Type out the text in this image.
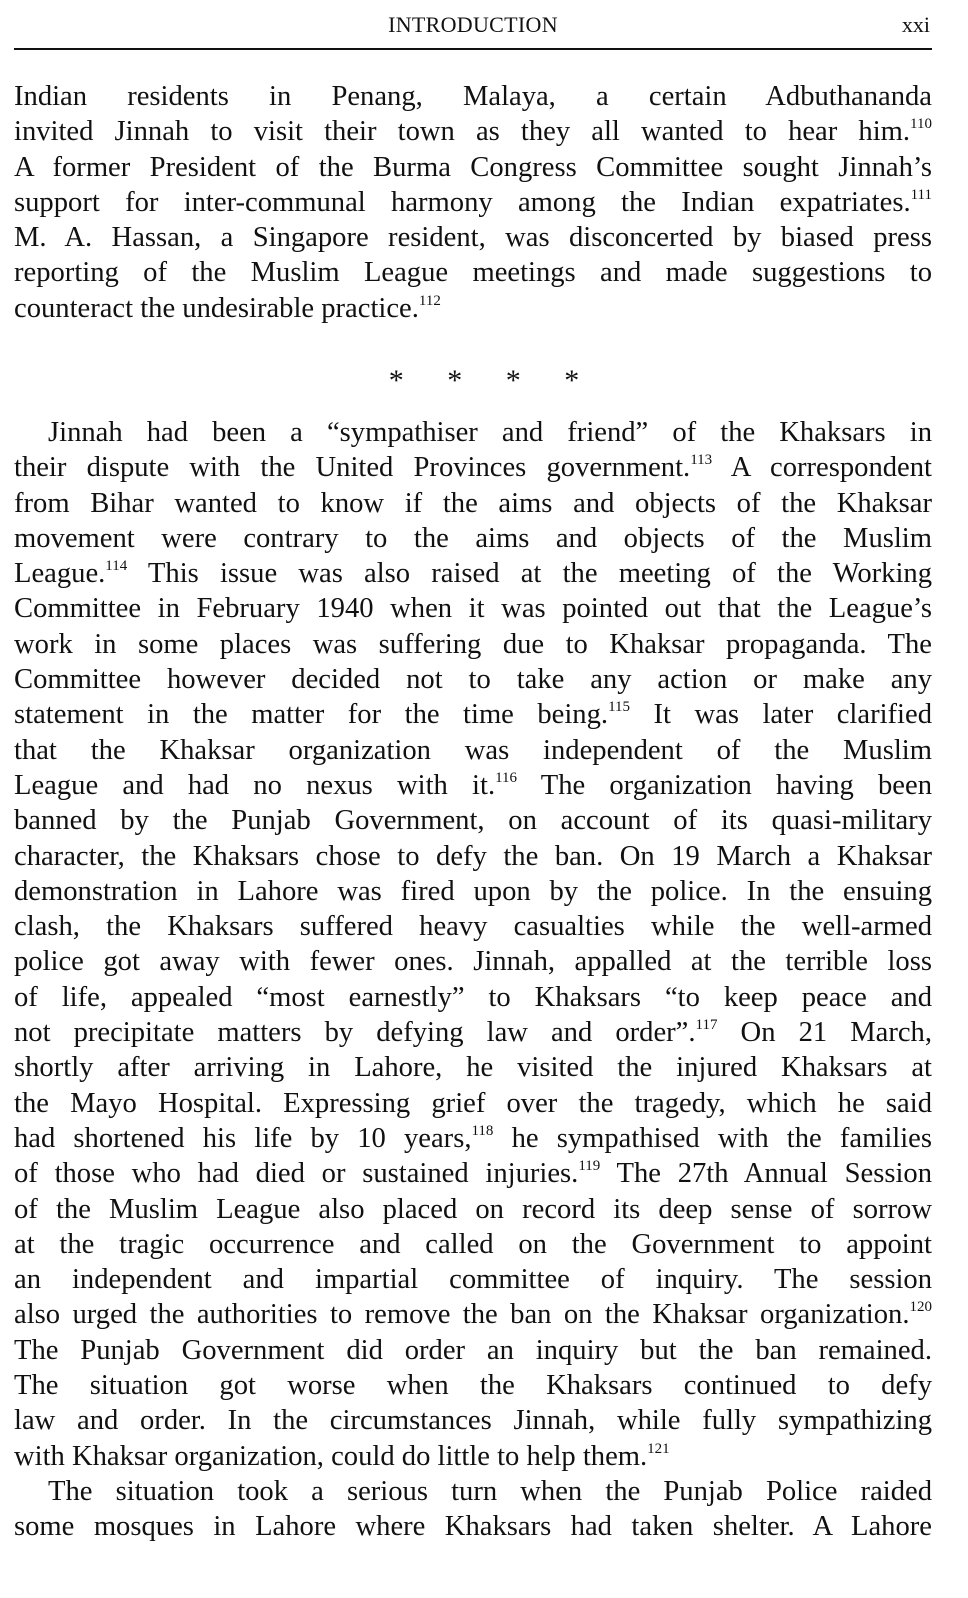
INTRODUCTION	xxi
Indian residents in Penang, Malaya, a certain Adbuthananda
invited Jinnah to visit their town as they all wanted to hear him.$^{110}$
A former President of the Burma Congress Committee sought Jinnah’s
support for inter-communal harmony among the Indian expatriates.$^{111}$
M. A. Hassan, a Singapore resident, was disconcerted by biased press
reporting of the Muslim League meetings and made suggestions to
counteract the undesirable practice.$^{112}$
* * * *
Jinnah had been a “sympathiser and friend” of the Khaksars in
their dispute with the United Provinces government.$^{113}$ A correspondent
from Bihar wanted to know if the aims and objects of the Khaksar
movement were contrary to the aims and objects of the Muslim
League.$^{114}$ This issue was also raised at the meeting of the Working
Committee in February 1940 when it was pointed out that the League’s
work in some places was suffering due to Khaksar propaganda. The
Committee however decided not to take any action or make any
statement in the matter for the time being.$^{115}$ It was later clarified
that the Khaksar organization was independent of the Muslim
League and had no nexus with it.$^{116}$ The organization having been
banned by the Punjab Government, on account of its quasi-military
character, the Khaksars chose to defy the ban. On 19 March a Khaksar
demonstration in Lahore was fired upon by the police. In the ensuing
clash, the Khaksars suffered heavy casualties while the well-armed
police got away with fewer ones. Jinnah, appalled at the terrible loss
of life, appealed “most earnestly” to Khaksars “to keep peace and
not precipitate matters by defying law and order”.$^{117}$ On 21 March,
shortly after arriving in Lahore, he visited the injured Khaksars at
the Mayo Hospital. Expressing grief over the tragedy, which he said
had shortened his life by 10 years,$^{118}$ he sympathised with the families
of those who had died or sustained injuries.$^{119}$ The 27th Annual Session
of the Muslim League also placed on record its deep sense of sorrow
at the tragic occurrence and called on the Government to appoint
an independent and impartial committee of inquiry. The session
also urged the authorities to remove the ban on the Khaksar organization.$^{120}$
The Punjab Government did order an inquiry but the ban remained.
The situation got worse when the Khaksars continued to defy
law and order. In the circumstances Jinnah, while fully sympathizing
with Khaksar organization, could do little to help them.$^{121}$
The situation took a serious turn when the Punjab Police raided
some mosques in Lahore where Khaksars had taken shelter. A Lahore
